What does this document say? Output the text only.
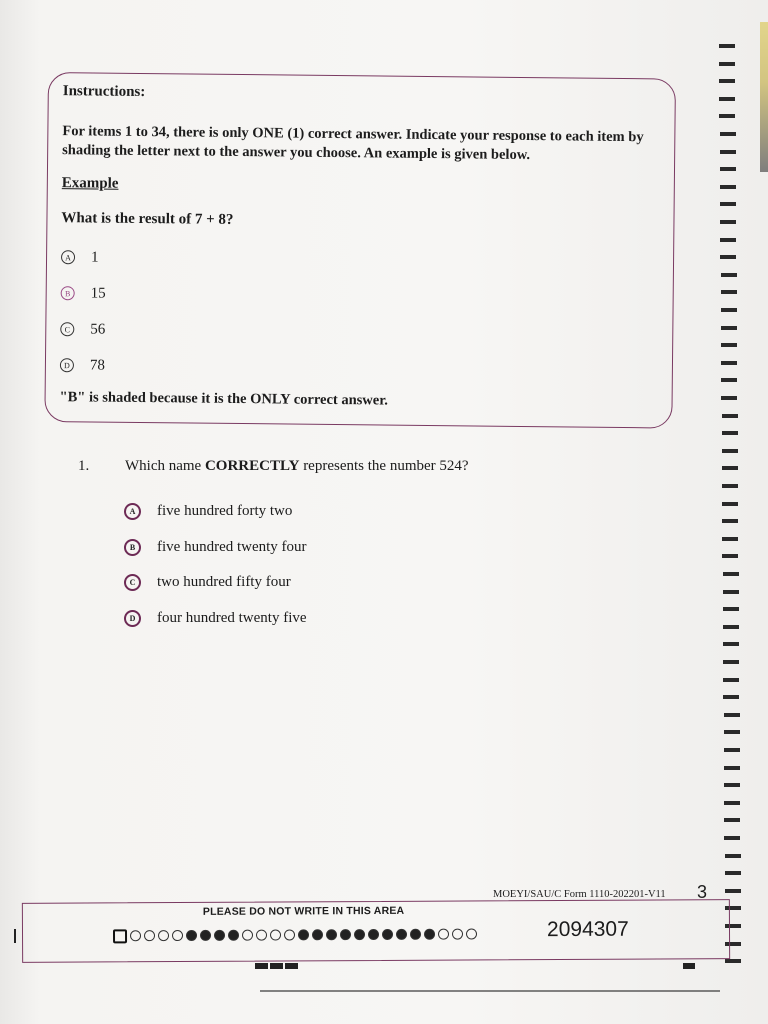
Instructions:
For items 1 to 34, there is only ONE (1) correct answer. Indicate your response to each item by shading the letter next to the answer you choose. An example is given below.
Example
What is the result of 7 + 8?
A 1
B 15
C 56
D 78
"B" is shaded because it is the ONLY correct answer.
1. Which name CORRECTLY represents the number 524?
A	five hundred forty two
B	five hundred twenty four
C	two hundred fifty four
D	four hundred twenty five
MOEYI/SAU/C Form 1110-202201-V11 3
PLEASE DO NOT WRITE IN THIS AREA
2094307
